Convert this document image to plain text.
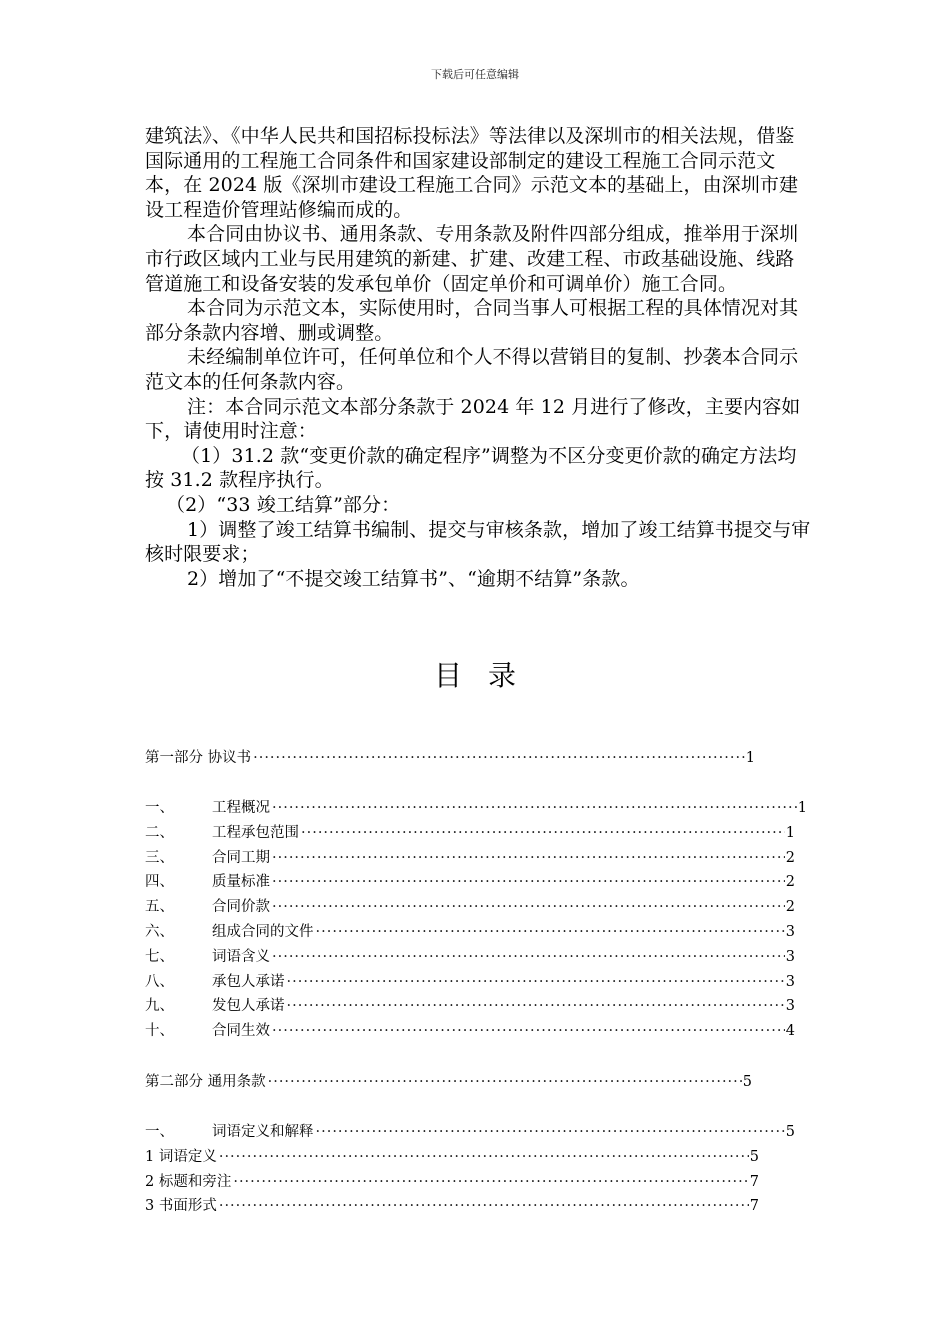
下载后可任意编辑

建筑法》、《中华人民共和国招标投标法》等法律以及深圳市的相关法规，借鉴国际通用的工程施工合同条件和国家建设部制定的建设工程施工合同示范文本，在 2024 版《深圳市建设工程施工合同》示范文本的基础上，由深圳市建设工程造价管理站修编而成的。

本合同由协议书、通用条款、专用条款及附件四部分组成，推举用于深圳市行政区域内工业与民用建筑的新建、扩建、改建工程、市政基础设施、线路管道施工和设备安装的发承包单价（固定单价和可调单价）施工合同。

本合同为示范文本，实际使用时，合同当事人可根据工程的具体情况对其部分条款内容增、删或调整。

未经编制单位许可，任何单位和个人不得以营销目的复制、抄袭本合同示范文本的任何条款内容。

注：本合同示范文本部分条款于 2024 年 12 月进行了修改，主要内容如下，请使用时注意：

（1）31.2 款“变更价款的确定程序”调整为不区分变更价款的确定方法均按 31.2 款程序执行。

（2）“33 竣工结算”部分：

1）调整了竣工结算书编制、提交与审核条款，增加了竣工结算书提交与审核时限要求；

2）增加了“不提交竣工结算书”、“逾期不结算”条款。

目录
第一部分 协议书 ·····	1
一、	工程概况 ·····	1
二、	工程承包范围 ·····	1
三、	合同工期 ·····	2
四、	质量标准 ·····	2
五、	合同价款 ·····	2
六、	组成合同的文件 ·····	3
七、	词语含义 ·····	3
八、	承包人承诺 ·····	3
九、	发包人承诺 ·····	3
十、	合同生效 ·····	4
第二部分 通用条款 ·····	5
一、	词语定义和解释 ·····	5
1 词语定义 ·····	5
2 标题和旁注 ·····	7
3 书面形式 ·····	7
